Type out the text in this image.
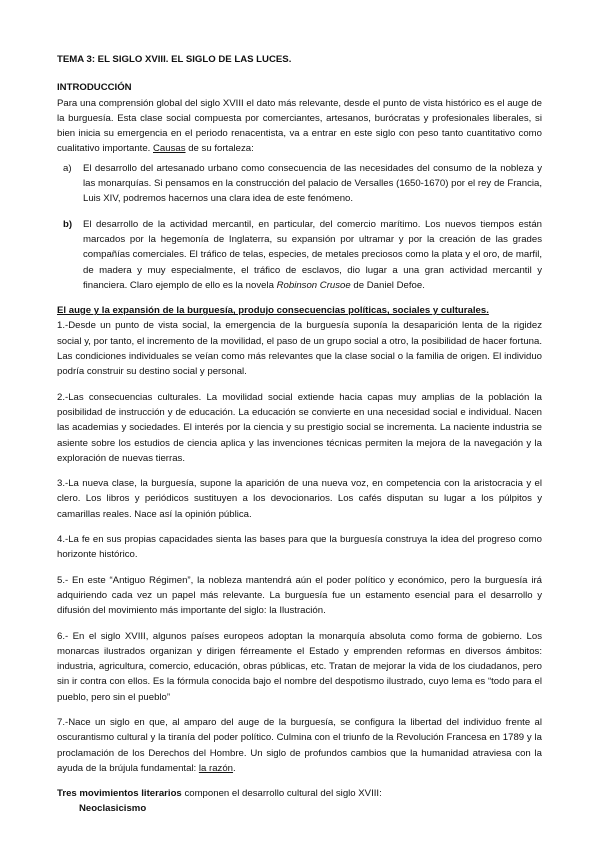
TEMA 3: EL SIGLO XVIII. EL SIGLO DE LAS LUCES.

INTRODUCCIÓN

Para una comprensión global del siglo XVIII el dato más relevante, desde el punto de vista histórico es el auge de la burguesía. Esta clase social compuesta por comerciantes, artesanos, burócratas y profesionales liberales, si bien inicia su emergencia en el periodo renacentista, va a entrar en este siglo con peso tanto cuantitativo como cualitativo importante. Causas de su fortaleza:

a)	El desarrollo del artesanado urbano como consecuencia de las necesidades del consumo de la nobleza y las monarquías. Si pensamos en la construcción del palacio de Versalles (1650-1670) por el rey de Francia, Luis XIV, podremos hacernos una clara idea de este fenómeno.
b)	El desarrollo de la actividad mercantil, en particular, del comercio marítimo. Los nuevos tiempos están marcados por la hegemonía de Inglaterra, su expansión por ultramar y por la creación de las grades compañías comerciales. El tráfico de telas, especies, de metales preciosos como la plata y el oro, de marfil, de madera y muy especialmente, el tráfico de esclavos, dio lugar a una gran actividad mercantil y financiera. Claro ejemplo de ello es la novela Robinson Crusoe de Daniel Defoe.

El auge y la expansión de la burguesía, produjo consecuencias políticas, sociales y culturales.

1.-Desde un punto de vista social, la emergencia de la burguesía suponía la desaparición lenta de la rigidez social y, por tanto, el incremento de la movilidad, el paso de un grupo social a otro, la posibilidad de hacer fortuna. Las condiciones individuales se veían como más relevantes que la clase social o la familia de origen. El individuo podría construir su destino social y personal.

2.-Las consecuencias culturales. La movilidad social extiende hacia capas muy amplias de la población la posibilidad de instrucción y de educación. La educación se convierte en una necesidad social e individual. Nacen las academias y sociedades. El interés por la ciencia y su prestigio social se incrementa. La naciente industria se asiente sobre los estudios de ciencia aplica y las invenciones técnicas permiten la mejora de la navegación y la exploración de nuevas tierras.

3.-La nueva clase, la burguesía, supone la aparición de una nueva voz, en competencia con la aristocracia y el clero. Los libros y periódicos sustituyen a los devocionarios. Los cafés disputan su lugar a los púlpitos y camarillas reales. Nace así la opinión pública.

4.-La fe en sus propias capacidades sienta las bases para que la burguesía construya la idea del progreso como horizonte histórico.

5.- En este “Antiguo Régimen”, la nobleza mantendrá aún el poder político y económico, pero la burguesía irá adquiriendo cada vez un papel más relevante. La burguesía fue un estamento esencial para el desarrollo y difusión del movimiento más importante del siglo: la Ilustración.

6.- En el siglo XVIII, algunos países europeos adoptan la monarquía absoluta como forma de gobierno. Los monarcas ilustrados organizan y dirigen férreamente el Estado y emprenden reformas en diversos ámbitos: industria, agricultura, comercio, educación, obras públicas, etc. Tratan de mejorar la vida de los ciudadanos, pero sin ir contra con ellos. Es la fórmula conocida bajo el nombre del despotismo ilustrado, cuyo lema es “todo para el pueblo, pero sin el pueblo”

7.-Nace un siglo en que, al amparo del auge de la burguesía, se configura la libertad del individuo frente al oscurantismo cultural y la tiranía del poder político. Culmina con el triunfo de la Revolución Francesa en 1789 y la proclamación de los Derechos del Hombre. Un siglo de profundos cambios que la humanidad atraviesa con la ayuda de la brújula fundamental: la razón.

Tres movimientos literarios componen el desarrollo cultural del siglo XVIII:

Neoclasicismo
